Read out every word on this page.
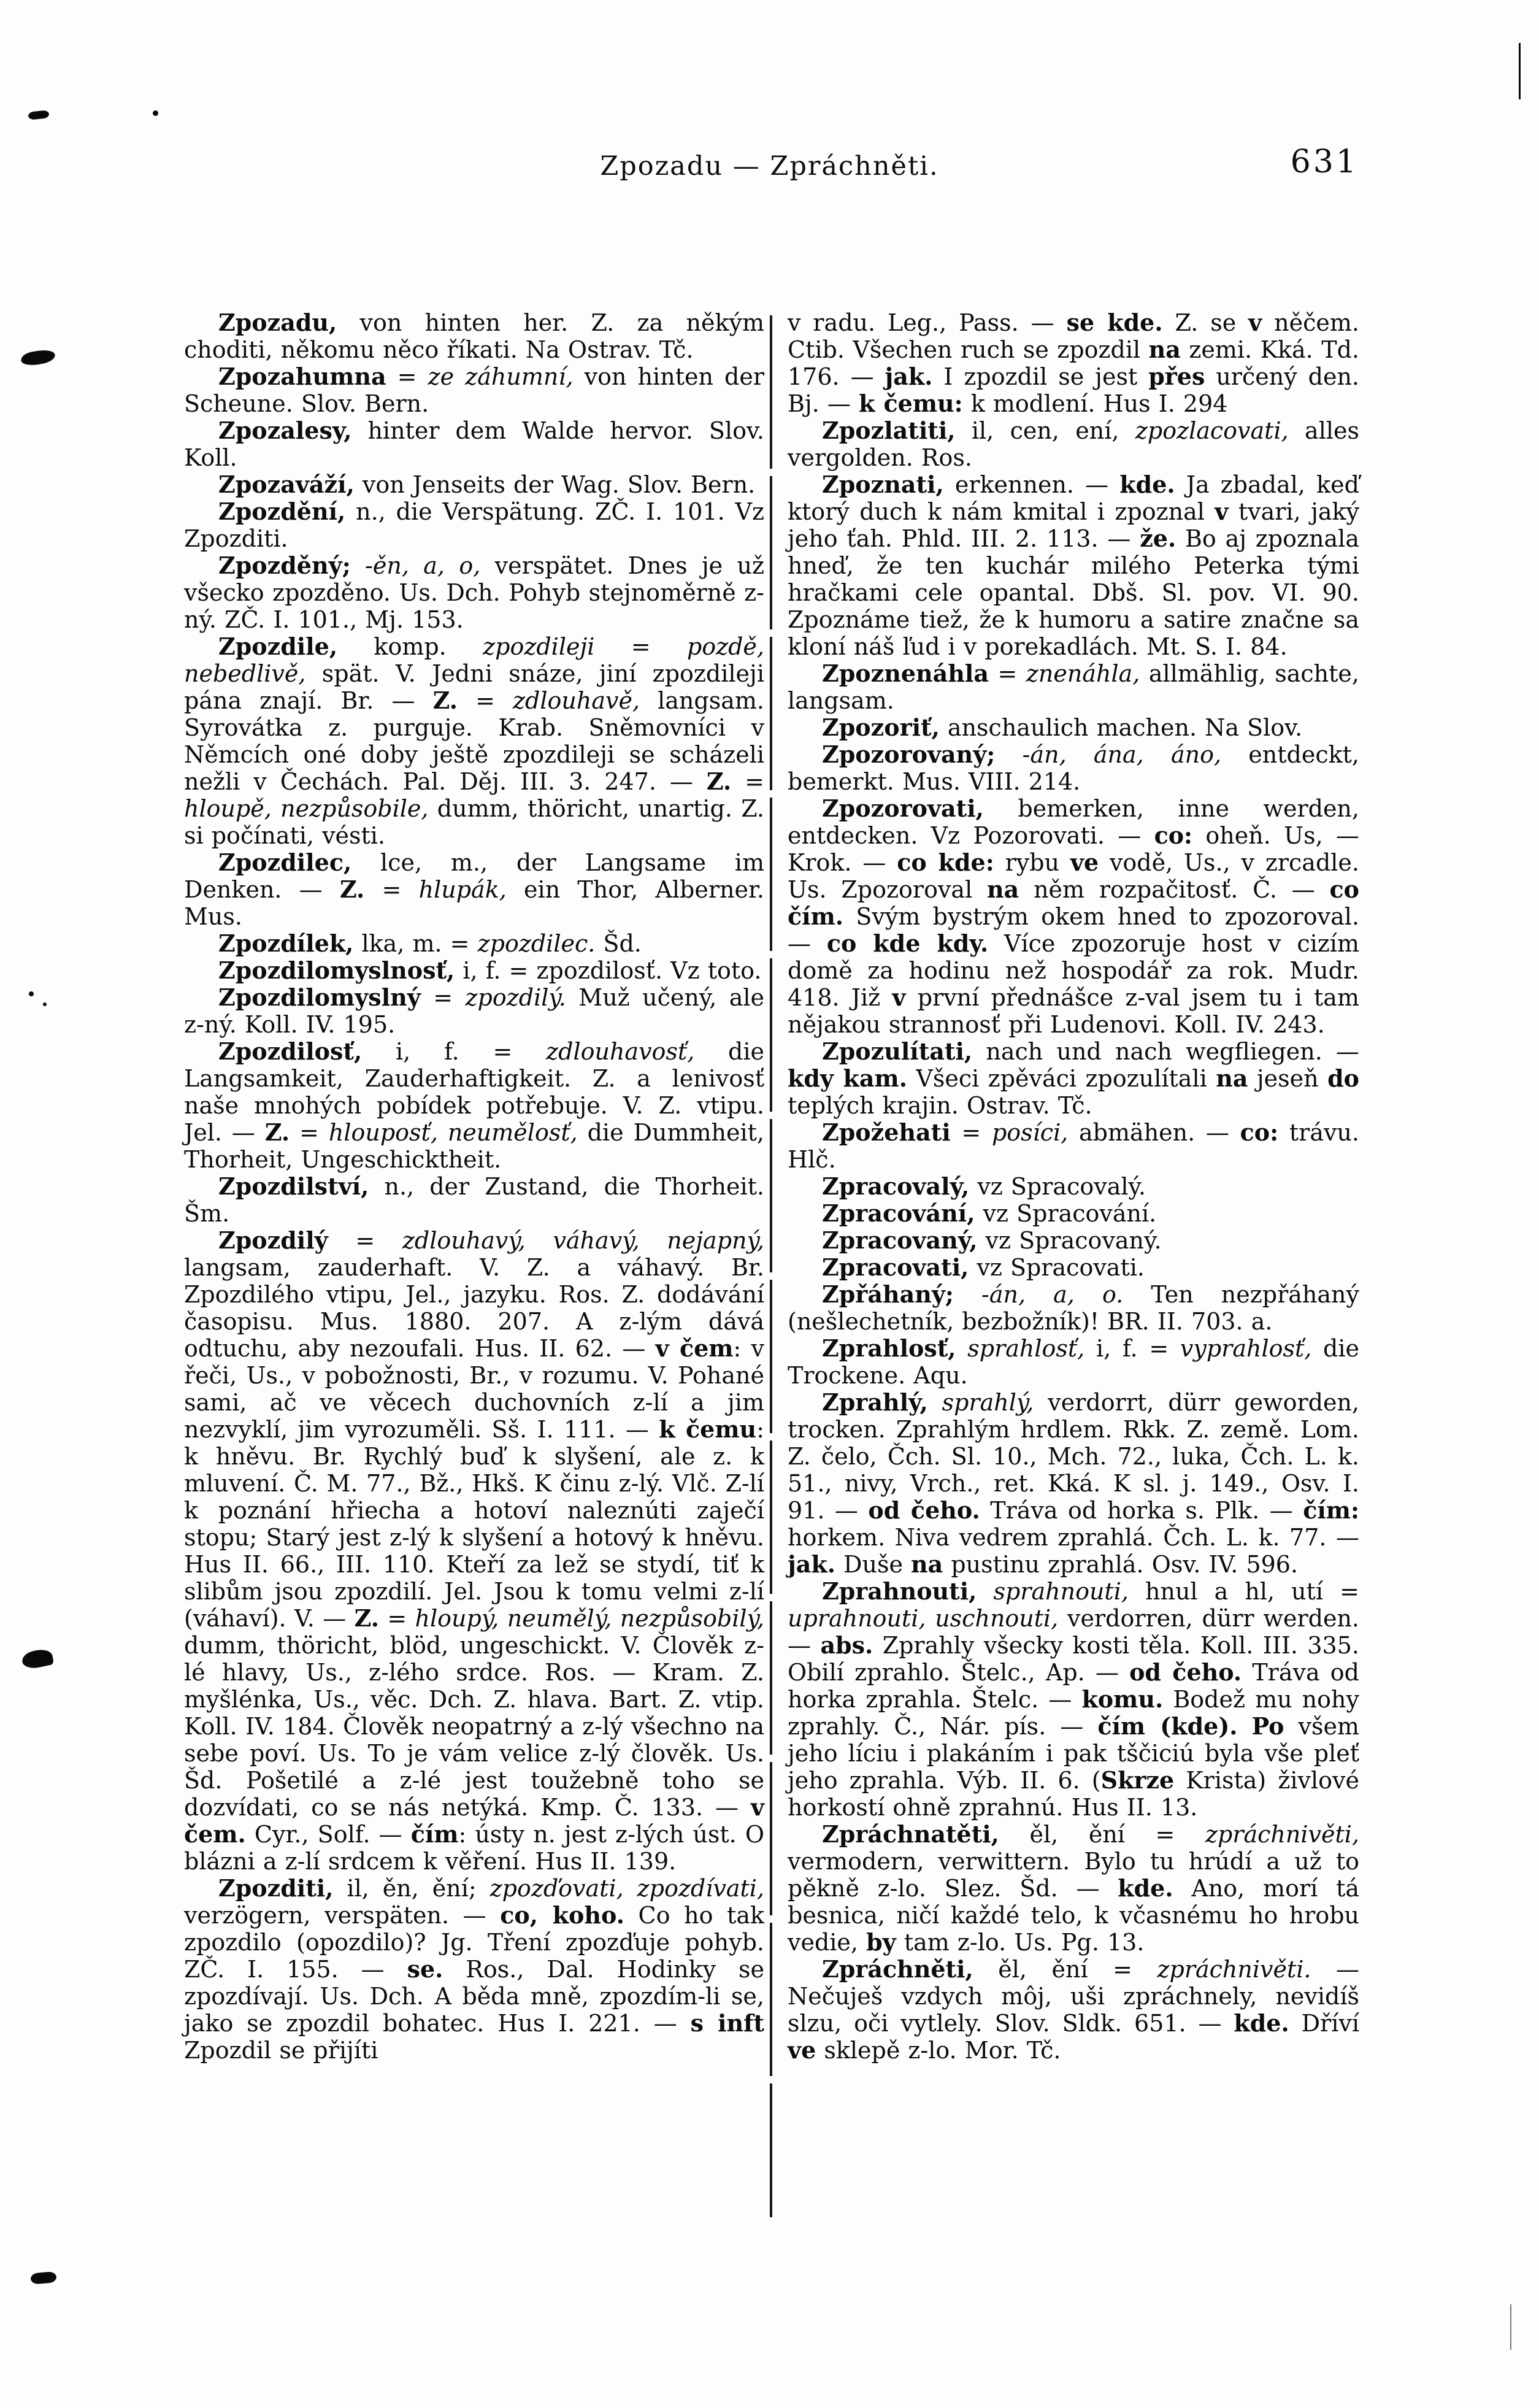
Zpozadu — Zpráchněti.	631

Zpozadu, von hinten her. Z. za někým choditi, někomu něco říkati. Na Ostrav. Tč.

Zpozahumna = ze záhumní, von hinten der Scheune. Slov. Bern.

Zpozalesy, hinter dem Walde hervor. Slov. Koll.

Zpozaváží, von Jenseits der Wag. Slov. Bern.

Zpozdění, n., die Verspätung. ZČ. I. 101. Vz Zpozditi.

Zpozděný; -ěn, a, o, verspätet. Dnes je už všecko zpozděno. Us. Dch. Pohyb stejnoměrně z-ný. ZČ. I. 101., Mj. 153.

Zpozdile, komp. zpozdileji = pozdě, nebedlivě, spät. V. Jedni snáze, jiní zpozdileji pána znají. Br. — Z. = zdlouhavě, langsam. Syrovátka z. purguje. Krab. Sněmovníci v Němcích oné doby ještě zpozdileji se scházeli nežli v Čechách. Pal. Děj. III. 3. 247. — Z. = hloupě, nezpůsobile, dumm, thöricht, unartig. Z. si počínati, vésti.

Zpozdilec, lce, m., der Langsame im Denken. — Z. = hlupák, ein Thor, Alberner. Mus.

Zpozdílek, lka, m. = zpozdilec. Šd.

Zpozdilomyslnosť, i, f. = zpozdilosť. Vz toto.

Zpozdilomyslný = zpozdilý. Muž učený, ale z-ný. Koll. IV. 195.

Zpozdilosť, i, f. = zdlouhavosť, die Langsamkeit, Zauderhaftigkeit. Z. a lenivosť naše mnohých pobídek potřebuje. V. Z. vtipu. Jel. — Z. = hlouposť, neumělosť, die Dummheit, Thorheit, Ungeschicktheit.

Zpozdilství, n., der Zustand, die Thorheit. Šm.

Zpozdilý = zdlouhavý, váhavý, nejapný, langsam, zauderhaft. V. Z. a váhavý. Br. Zpozdilého vtipu, Jel., jazyku. Ros. Z. dodávání časopisu. Mus. 1880. 207. A z-lým dává odtuchu, aby nezoufali. Hus. II. 62. — v čem: v řeči, Us., v pobožnosti, Br., v rozumu. V. Pohané sami, ač ve věcech duchovních z-lí a jim nezvyklí, jim vyrozuměli. Sš. I. 111. — k čemu: k hněvu. Br. Rychlý buď k slyšení, ale z. k mluvení. Č. M. 77., Bž., Hkš. K činu z-lý. Vlč. Z-lí k poznání hřiecha a hotoví naleznúti zaječí stopu; Starý jest z-lý k slyšení a hotový k hněvu. Hus II. 66., III. 110. Kteří za lež se stydí, tiť k slibům jsou zpozdilí. Jel. Jsou k tomu velmi z-lí (váhaví). V. — Z. = hloupý, neumělý, nezpůsobilý, dumm, thöricht, blöd, ungeschickt. V. Člověk z-lé hlavy, Us., z-lého srdce. Ros. — Kram. Z. myšlénka, Us., věc. Dch. Z. hlava. Bart. Z. vtip. Koll. IV. 184. Člověk neopatrný a z-lý všechno na sebe poví. Us. To je vám velice z-lý člověk. Us. Šd. Pošetilé a z-lé jest toužebně toho se dozvídati, co se nás netýká. Kmp. Č. 133. — v čem. Cyr., Solf. — čím: ústy n. jest z-lých úst. O blázni a z-lí srdcem k věření. Hus II. 139.

Zpozditi, il, ěn, ění; zpozďovati, zpozdívati, verzögern, verspäten. — co, koho. Co ho tak zpozdilo (opozdilo)? Jg. Tření zpozďuje pohyb. ZČ. I. 155. — se. Ros., Dal. Hodinky se zpozdívají. Us. Dch. A běda mně, zpozdím-li se, jako se zpozdil bohatec. Hus I. 221. — s inft Zpozdil se přijíti

v radu. Leg., Pass. — se kde. Z. se v něčem. Ctib. Všechen ruch se zpozdil na zemi. Kká. Td. 176. — jak. I zpozdil se jest přes určený den. Bj. — k čemu: k modlení. Hus I. 294

Zpozlatiti, il, cen, ení, zpozlacovati, alles vergolden. Ros.

Zpoznati, erkennen. — kde. Ja zbadal, keď ktorý duch k nám kmital i zpoznal v tvari, jaký jeho ťah. Phld. III. 2. 113. — že. Bo aj zpoznala hneď, že ten kuchár milého Peterka tými hračkami cele opantal. Dbš. Sl. pov. VI. 90. Zpoznáme tiež, že k humoru a satire značne sa kloní náš ľud i v porekadlách. Mt. S. I. 84.

Zpoznenáhla = znenáhla, allmählig, sachte, langsam.

Zpozoriť, anschaulich machen. Na Slov.

Zpozorovaný; -án, ána, áno, entdeckt, bemerkt. Mus. VIII. 214.

Zpozorovati, bemerken, inne werden, entdecken. Vz Pozorovati. — co: oheň. Us, — Krok. — co kde: rybu ve vodě, Us., v zrcadle. Us. Zpozoroval na něm rozpačitosť. Č. — co čím. Svým bystrým okem hned to zpozoroval. — co kde kdy. Více zpozoruje host v cizím domě za hodinu než hospodář za rok. Mudr. 418. Již v první přednášce z-val jsem tu i tam nějakou strannosť při Ludenovi. Koll. IV. 243.

Zpozulítati, nach und nach wegfliegen. — kdy kam. Všeci zpěváci zpozulítali na jeseň do teplých krajin. Ostrav. Tč.

Zpožehati = posíci, abmähen. — co: trávu. Hlč.

Zpracovalý, vz Spracovalý.

Zpracování, vz Spracování.

Zpracovaný, vz Spracovaný.

Zpracovati, vz Spracovati.

Zpřáhaný; -án, a, o. Ten nezpřáhaný (nešlechetník, bezbožník)! BR. II. 703. a.

Zprahlosť, sprahlosť, i, f. = vyprahlosť, die Trockene. Aqu.

Zprahlý, sprahlý, verdorrt, dürr geworden, trocken. Zprahlým hrdlem. Rkk. Z. země. Lom. Z. čelo, Čch. Sl. 10., Mch. 72., luka, Čch. L. k. 51., nivy, Vrch., ret. Kká. K sl. j. 149., Osv. I. 91. — od čeho. Tráva od horka s. Plk. — čím: horkem. Niva vedrem zprahlá. Čch. L. k. 77. — jak. Duše na pustinu zprahlá. Osv. IV. 596.

Zprahnouti, sprahnouti, hnul a hl, utí = uprahnouti, uschnouti, verdorren, dürr werden. — abs. Zprahly všecky kosti těla. Koll. III. 335. Obilí zprahlo. Štelc., Ap. — od čeho. Tráva od horka zprahla. Štelc. — komu. Bodež mu nohy zprahly. Č., Nár. pís. — čím (kde). Po všem jeho líciu i plakáním i pak tščiciú byla vše pleť jeho zprahla. Výb. II. 6. (Skrze Krista) živlové horkostí ohně zprahnú. Hus II. 13.

Zpráchnatěti, ěl, ění = zpráchnivěti, vermodern, verwittern. Bylo tu hrúdí a už to pěkně z-lo. Slez. Šd. — kde. Ano, morí tá besnica, ničí každé telo, k včasnému ho hrobu vedie, by tam z-lo. Us. Pg. 13.

Zpráchněti, ěl, ění = zpráchnivěti. — Nečuješ vzdych môj, uši zpráchnely, nevidíš slzu, oči vytlely. Slov. Sldk. 651. — kde. Dříví ve sklepě z-lo. Mor. Tč.
